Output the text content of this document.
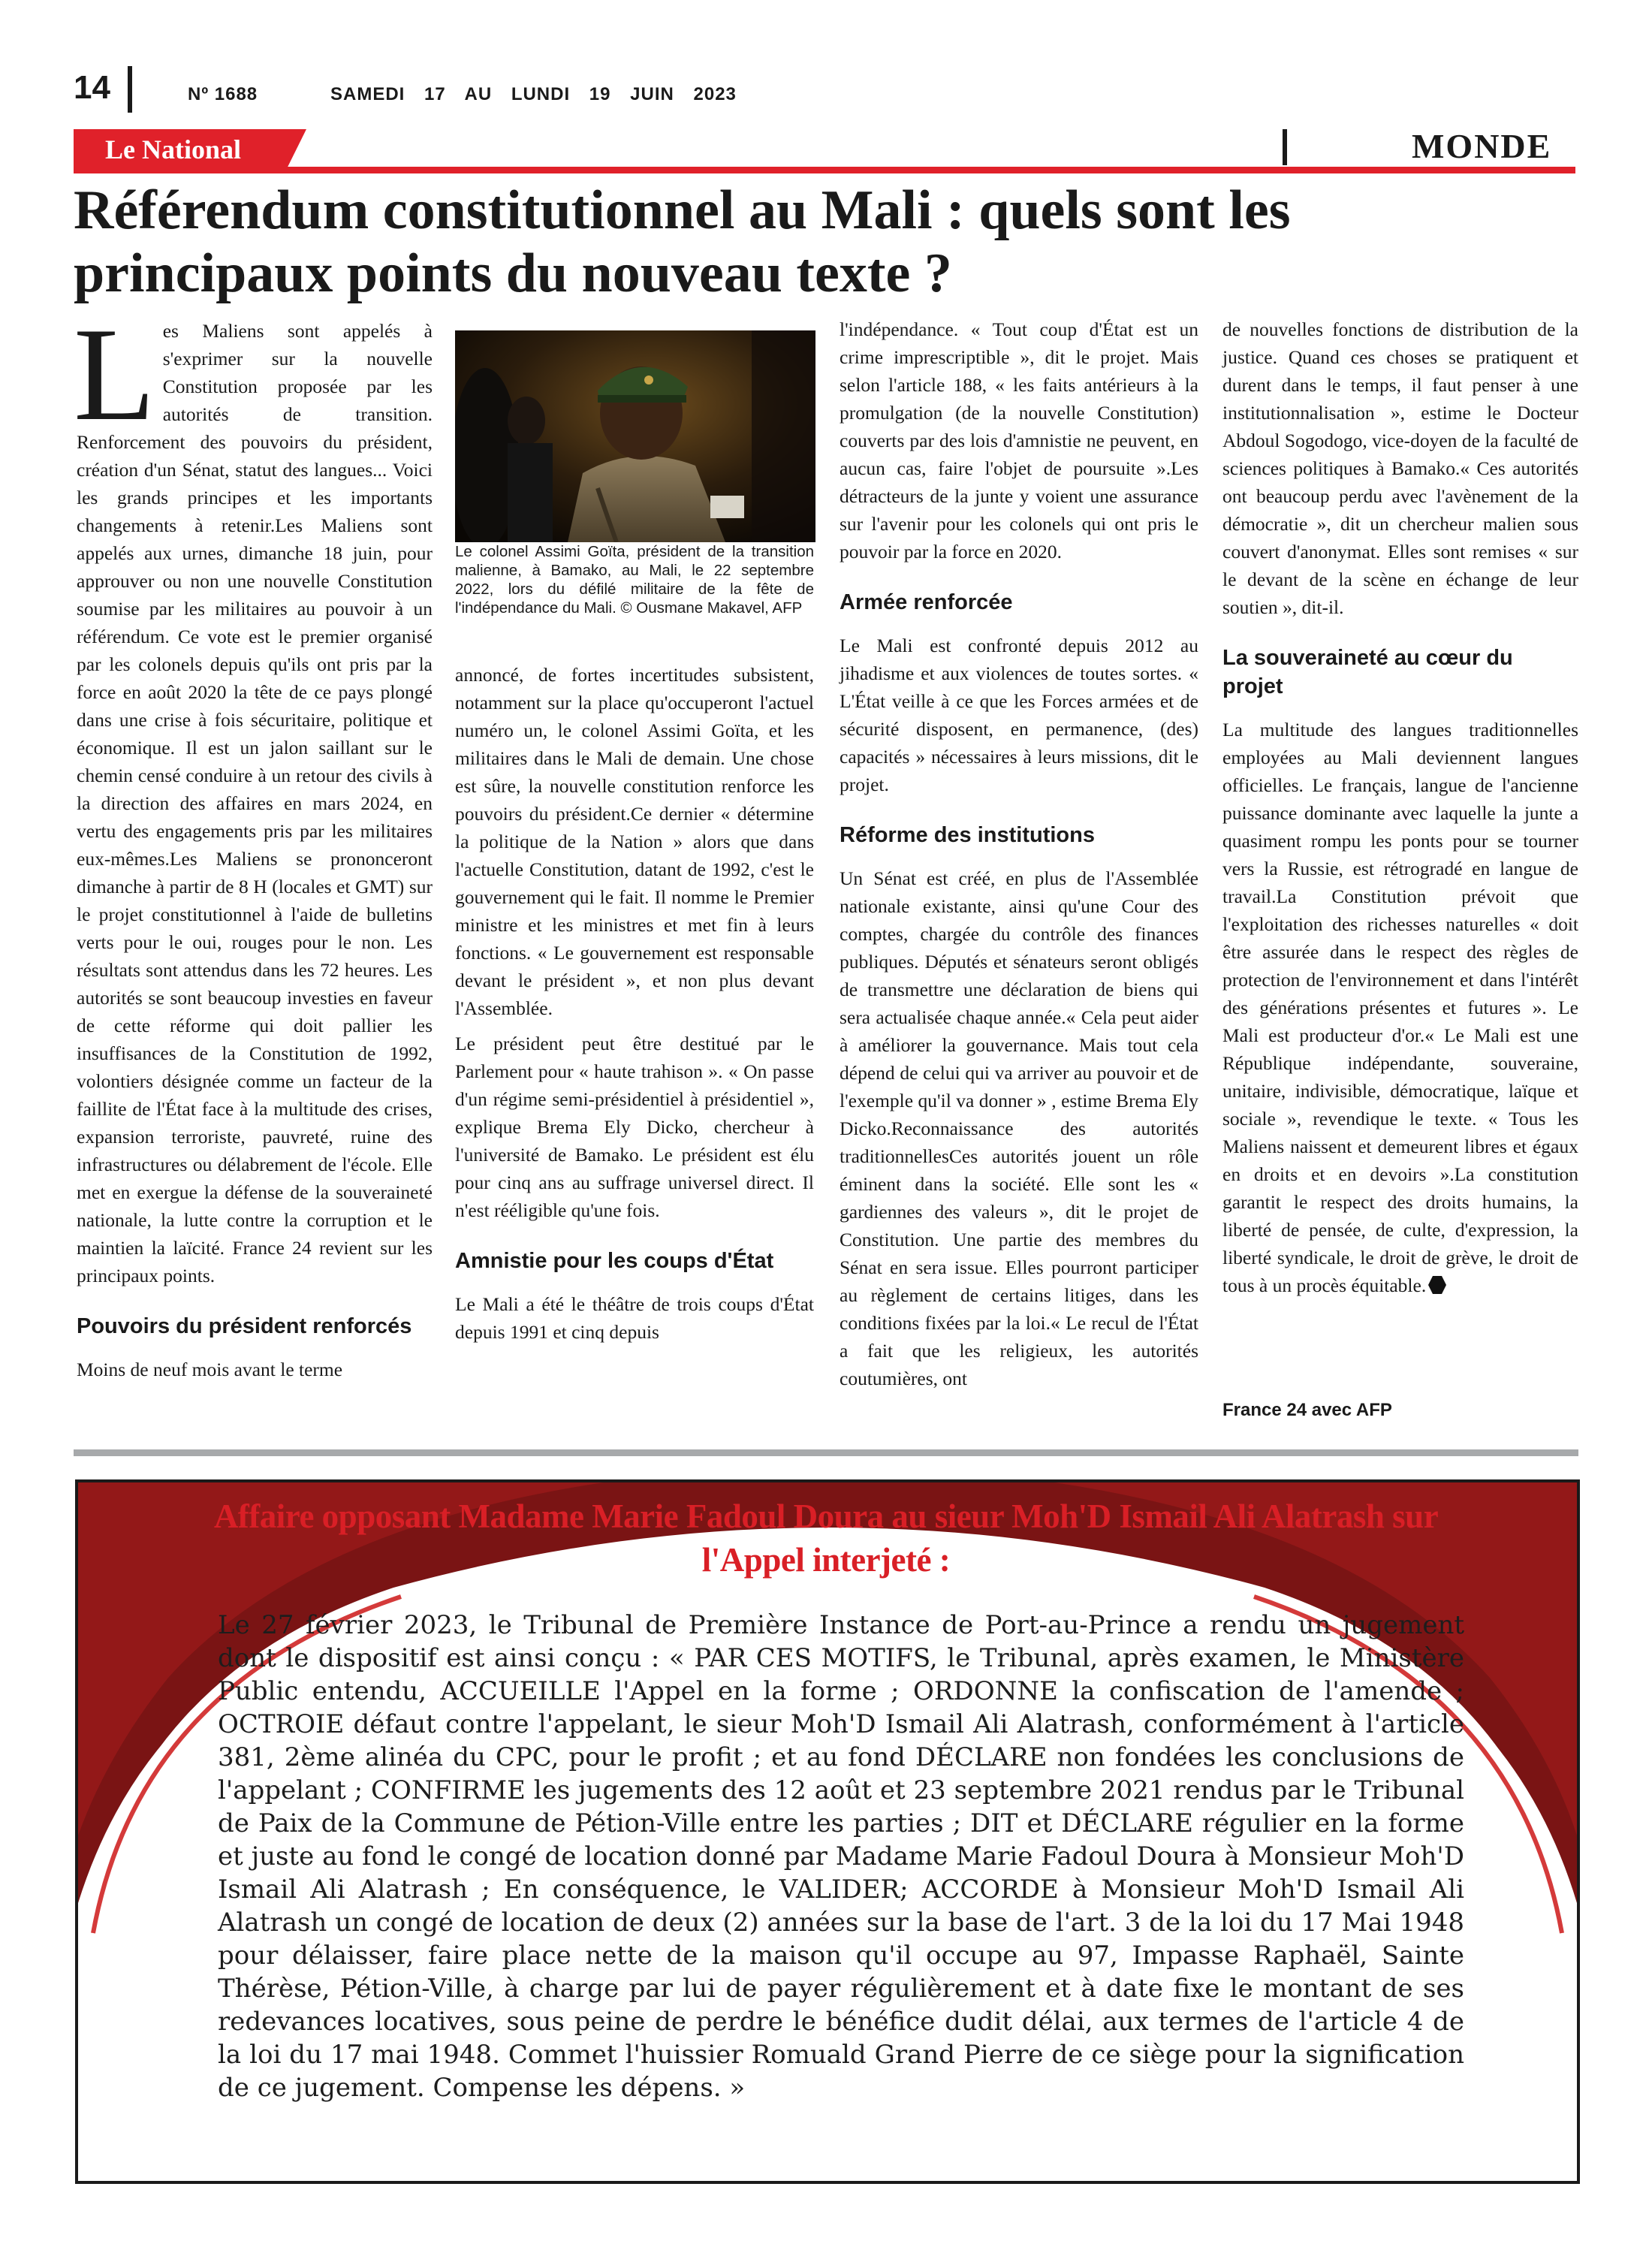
14	Nº 1688	SAMEDI 17 AU LUNDI 19 JUIN 2023
Le National	MONDE
Référendum constitutionnel au Mali : quels sont les principaux points du nouveau texte ?

Les Maliens sont appelés à s'exprimer sur la nouvelle Constitution proposée par les autorités de transition. Renforcement des pouvoirs du président, création d'un Sénat, statut des langues... Voici les grands principes et les importants changements à retenir.Les Maliens sont appelés aux urnes, dimanche 18 juin, pour approuver ou non une nouvelle Constitution soumise par les militaires au pouvoir à un référendum. Ce vote est le premier organisé par les colonels depuis qu'ils ont pris par la force en août 2020 la tête de ce pays plongé dans une crise à fois sécuritaire, politique et économique. Il est un jalon saillant sur le chemin censé conduire à un retour des civils à la direction des affaires en mars 2024, en vertu des engagements pris par les militaires eux-mêmes.Les Maliens se prononceront dimanche à partir de 8 H (locales et GMT) sur le projet constitutionnel à l'aide de bulletins verts pour le oui, rouges pour le non. Les résultats sont attendus dans les 72 heures. Les autorités se sont beaucoup investies en faveur de cette réforme qui doit pallier les insuffisances de la Constitution de 1992, volontiers désignée comme un facteur de la faillite de l'État face à la multitude des crises, expansion terroriste, pauvreté, ruine des infrastructures ou délabrement de l'école. Elle met en exergue la défense de la souveraineté nationale, la lutte contre la corruption et le maintien la laïcité. France 24 revient sur les principaux points.

Pouvoirs du président renforcés

Moins de neuf mois avant le terme

Le colonel Assimi Goïta, président de la transition malienne, à Bamako, au Mali, le 22 septembre 2022, lors du défilé militaire de la fête de l'indépendance du Mali. © Ousmane Makavel, AFP

annoncé, de fortes incertitudes subsistent, notamment sur la place qu'occuperont l'actuel numéro un, le colonel Assimi Goïta, et les militaires dans le Mali de demain. Une chose est sûre, la nouvelle constitution renforce les pouvoirs du président.Ce dernier « détermine la politique de la Nation » alors que dans l'actuelle Constitution, datant de 1992, c'est le gouvernement qui le fait. Il nomme le Premier ministre et les ministres et met fin à leurs fonctions. « Le gouvernement est responsable devant le président », et non plus devant l'Assemblée.

Le président peut être destitué par le Parlement pour « haute trahison ». « On passe d'un régime semi-présidentiel à présidentiel », explique Brema Ely Dicko, chercheur à l'université de Bamako. Le président est élu pour cinq ans au suffrage universel direct. Il n'est rééligible qu'une fois.

Amnistie pour les coups d'État

Le Mali a été le théâtre de trois coups d'État depuis 1991 et cinq depuis

l'indépendance. « Tout coup d'État est un crime imprescriptible », dit le projet. Mais selon l'article 188, « les faits antérieurs à la promulgation (de la nouvelle Constitution) couverts par des lois d'amnistie ne peuvent, en aucun cas, faire l'objet de poursuite ».Les détracteurs de la junte y voient une assurance sur l'avenir pour les colonels qui ont pris le pouvoir par la force en 2020.

Armée renforcée

Le Mali est confronté depuis 2012 au jihadisme et aux violences de toutes sortes. « L'État veille à ce que les Forces armées et de sécurité disposent, en permanence, (des) capacités » nécessaires à leurs missions, dit le projet.

Réforme des institutions

Un Sénat est créé, en plus de l'Assemblée nationale existante, ainsi qu'une Cour des comptes, chargée du contrôle des finances publiques. Députés et sénateurs seront obligés de transmettre une déclaration de biens qui sera actualisée chaque année.« Cela peut aider à améliorer la gouvernance. Mais tout cela dépend de celui qui va arriver au pouvoir et de l'exemple qu'il va donner » , estime Brema Ely Dicko.Reconnaissance des autorités traditionnellesCes autorités jouent un rôle éminent dans la société. Elle sont les « gardiennes des valeurs », dit le projet de Constitution. Une partie des membres du Sénat en sera issue. Elles pourront participer au règlement de certains litiges, dans les conditions fixées par la loi.« Le recul de l'État a fait que les religieux, les autorités coutumières, ont

de nouvelles fonctions de distribution de la justice. Quand ces choses se pratiquent et durent dans le temps, il faut penser à une institutionnalisation », estime le Docteur Abdoul Sogodogo, vice-doyen de la faculté de sciences politiques à Bamako.« Ces autorités ont beaucoup perdu avec l'avènement de la démocratie », dit un chercheur malien sous couvert d'anonymat. Elles sont remises « sur le devant de la scène en échange de leur soutien », dit-il.

La souveraineté au cœur du projet

La multitude des langues traditionnelles employées au Mali deviennent langues officielles. Le français, langue de l'ancienne puissance dominante avec laquelle la junte a quasiment rompu les ponts pour se tourner vers la Russie, est rétrogradé en langue de travail.La Constitution prévoit que l'exploitation des richesses naturelles « doit être assurée dans le respect des règles de protection de l'environnement et dans l'intérêt des générations présentes et futures ». Le Mali est producteur d'or.« Le Mali est une République indépendante, souveraine, unitaire, indivisible, démocratique, laïque et sociale », revendique le texte. « Tous les Maliens naissent et demeurent libres et égaux en droits et en devoirs ».La constitution garantit le respect des droits humains, la liberté de pensée, de culte, d'expression, la liberté syndicale, le droit de grève, le droit de tous à un procès équitable.

France 24 avec AFP
Affaire opposant Madame Marie Fadoul Doura au sieur Moh'D Ismail Ali Alatrash sur l'Appel interjeté :
Le 27 février 2023, le Tribunal de Première Instance de Port-au-Prince a rendu un jugement dont le dispositif est ainsi conçu : « PAR CES MOTIFS, le Tribunal, après examen, le Ministère Public entendu, ACCUEILLE l'Appel en la forme ; ORDONNE la confiscation de l'amende ; OCTROIE défaut contre l'appelant, le sieur Moh'D Ismail Ali Alatrash, conformément à l'article 381, 2ème alinéa du CPC, pour le profit ; et au fond DÉCLARE non fondées les conclusions de l'appelant ; CONFIRME les jugements des 12 août et 23 septembre 2021 rendus par le Tribunal de Paix de la Commune de Pétion-Ville entre les parties ; DIT et DÉCLARE régulier en la forme et juste au fond le congé de location donné par Madame Marie Fadoul Doura à Monsieur Moh'D Ismail Ali Alatrash ; En conséquence, le VALIDER; ACCORDE à Monsieur Moh'D Ismail Ali Alatrash un congé de location de deux (2) années sur la base de l'art. 3 de la loi du 17 Mai 1948 pour délaisser, faire place nette de la maison qu'il occupe au 97, Impasse Raphaël, Sainte Thérèse, Pétion-Ville, à charge par lui de payer régulièrement et à date fixe le montant de ses redevances locatives, sous peine de perdre le bénéfice dudit délai, aux termes de l'article 4 de la loi du 17 mai 1948. Commet l'huissier Romuald Grand Pierre de ce siège pour la signification de ce jugement. Compense les dépens. »
